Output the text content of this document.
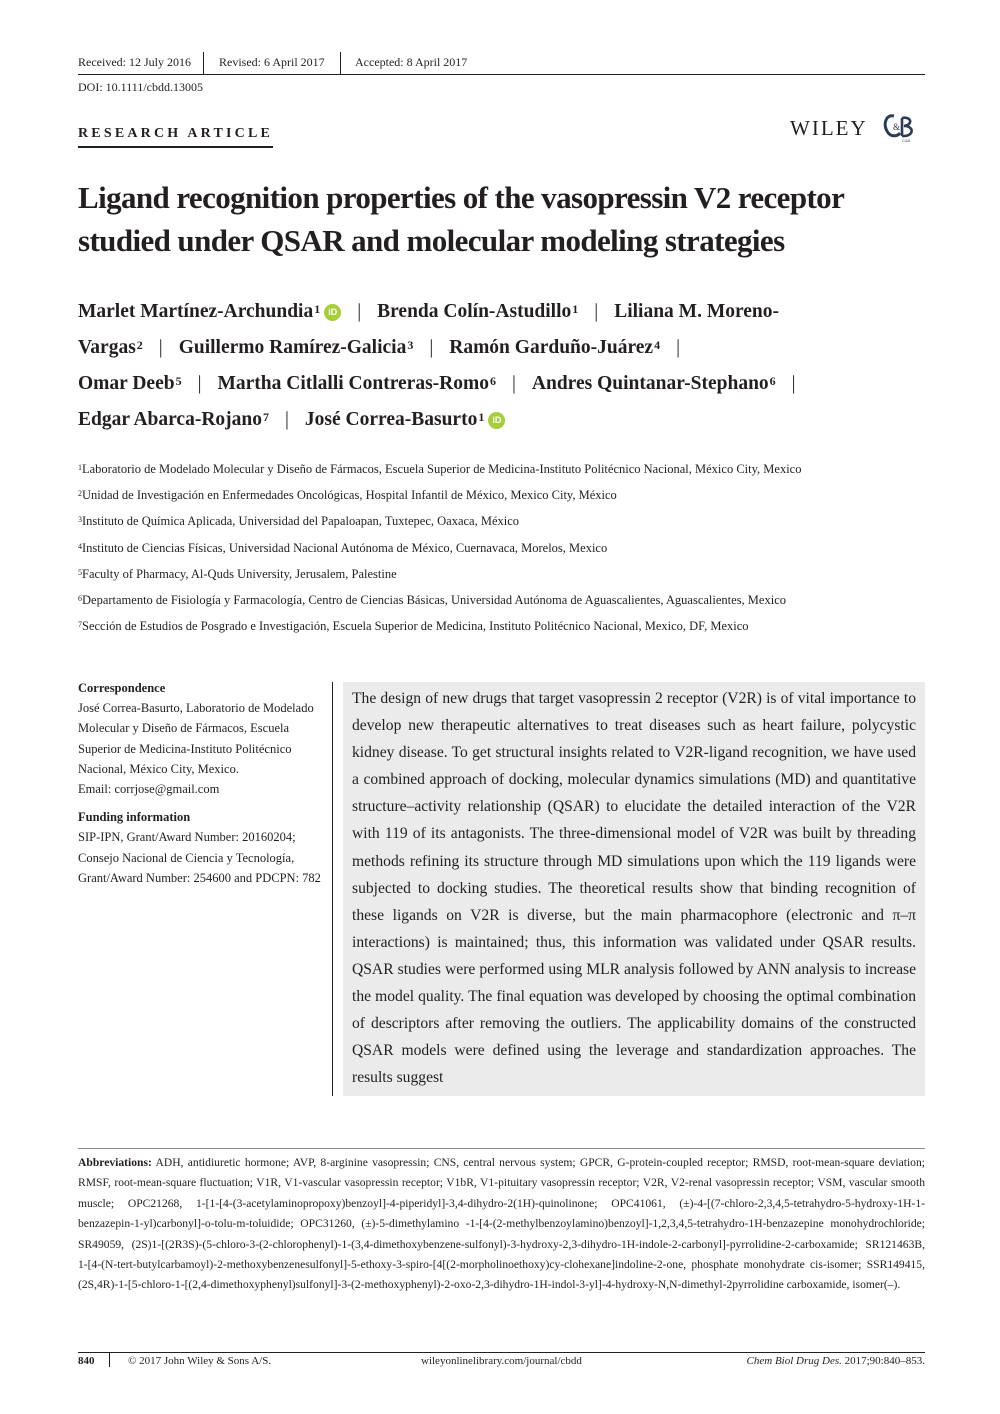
Received: 12 July 2016 Revised: 6 April 2017	Accepted: 8 April 2017
DOI: 10.1111/cbdd.13005
RESEARCH ARTICLE	WILEY	&
C&B
Ligand recognition properties of the vasopressin V2 receptor
studied under QSAR and molecular modeling strategies
Marlet Martínez-Archundia$^1$ iD | Brenda Colín-Astudillo$^1$ | Liliana M. Moreno-
Vargas$^2$ | Guillermo Ramírez-Galicia$^3$ | Ramón Garduño-Juárez$^4$ |
Omar Deeb$^5$ | Martha Citlalli Contreras-Romo$^6$ | Andres Quintanar-Stephano$^6$ |
Edgar Abarca-Rojano$^7$ | José Correa-Basurto$^1$ iD
$^1$Laboratorio de Modelado Molecular y Diseño de Fármacos, Escuela Superior de Medicina-Instituto Politécnico Nacional, México City, Mexico
$^2$Unidad de Investigación en Enfermedades Oncológicas, Hospital Infantil de México, Mexico City, México
$^3$Instituto de Química Aplicada, Universidad del Papaloapan, Tuxtepec, Oaxaca, México
$^4$Instituto de Ciencias Físicas, Universidad Nacional Autónoma de México, Cuernavaca, Morelos, Mexico
$^5$Faculty of Pharmacy, Al-Quds University, Jerusalem, Palestine
$^6$Departamento de Fisiología y Farmacología, Centro de Ciencias Básicas, Universidad Autónoma de Aguascalientes, Aguascalientes, Mexico
$^7$Sección de Estudios de Posgrado e Investigación, Escuela Superior de Medicina, Instituto Politécnico Nacional, Mexico, DF, Mexico
Correspondence
José Correa-Basurto, Laboratorio de Modelado Molecular y Diseño de Fármacos, Escuela Superior de Medicina-Instituto Politécnico Nacional, México City, Mexico.

Email: corrjose@gmail.com

Funding information

SIP-IPN, Grant/Award Number: 20160204; Consejo Nacional de Ciencia y Tecnología, Grant/Award Number: 254600 and PDCPN: 782

The design of new drugs that target vasopressin 2 receptor (V2R) is of vital importance to develop new therapeutic alternatives to treat diseases such as heart failure, polycystic kidney disease. To get structural insights related to V2R-ligand recognition, we have used a combined approach of docking, molecular dynamics simulations (MD) and quantitative structure–activity relationship (QSAR) to elucidate the detailed interaction of the V2R with 119 of its antagonists. The three-dimensional model of V2R was built by threading methods refining its structure through MD simulations upon which the 119 ligands were subjected to docking studies. The theoretical results show that binding recognition of these ligands on V2R is diverse, but the main pharmacophore (electronic and π–π interactions) is maintained; thus, this information was validated under QSAR results. QSAR studies were performed using MLR analysis followed by ANN analysis to increase the model quality. The final equation was developed by choosing the optimal combination of descriptors after removing the outliers. The applicability domains of the constructed QSAR models were defined using the leverage and standardization approaches. The results suggest

Abbreviations: ADH, antidiuretic hormone; AVP, 8-arginine vasopressin; CNS, central nervous system; GPCR, G-protein-coupled receptor; RMSD, root-mean-square deviation; RMSF, root-mean-square fluctuation; V1R, V1-vascular vasopressin receptor; V1bR, V1-pituitary vasopressin receptor; V2R, V2-renal vasopressin receptor; VSM, vascular smooth muscle; OPC21268, 1-[1-[4-(3-acetylaminopropoxy)benzoyl]-4-piperidyl]-3,4-dihydro-2(1H)-quinolinone; OPC41061, (±)-4-[(7-chloro-2,3,4,5-tetrahydro-5-hydroxy-1H-1-benzazepin-1-yl)carbonyl]-o-tolu-m-toluidide; OPC31260, (±)-5-dimethylamino -1-[4-(2-methylbenzoylamino)benzoyl]-1,2,3,4,5-tetrahydro-1H-benzazepine monohydrochloride; SR49059, (2S)1-[(2R3S)-(5-chloro-3-(2-chlorophenyl)-1-(3,4-dimethoxybenzene-sulfonyl)-3-hydroxy-2,3-dihydro-1H-indole-2-carbonyl]-pyrrolidine-2-carboxamide; SR121463B, 1-[4-(N-tert-butylcarbamoyl)-2-methoxybenzenesulfonyl]-5-ethoxy-3-spiro-[4[(2-morpholinoethoxy)cy-clohexane]indoline-2-one, phosphate monohydrate cis-isomer; SSR149415, (2S,4R)-1-[5-chloro-1-[(2,4-dimethoxyphenyl)sulfonyl]-3-(2-methoxyphenyl)-2-oxo-2,3-dihydro-1H-indol-3-yl]-4-hydroxy-N,N-dimethyl-2pyrrolidine carboxamide, isomer(–).
840	© 2017 John Wiley & Sons A/S.	wileyonlinelibrary.com/journal/cbdd	Chem Biol Drug Des. 2017;90:840–853.
